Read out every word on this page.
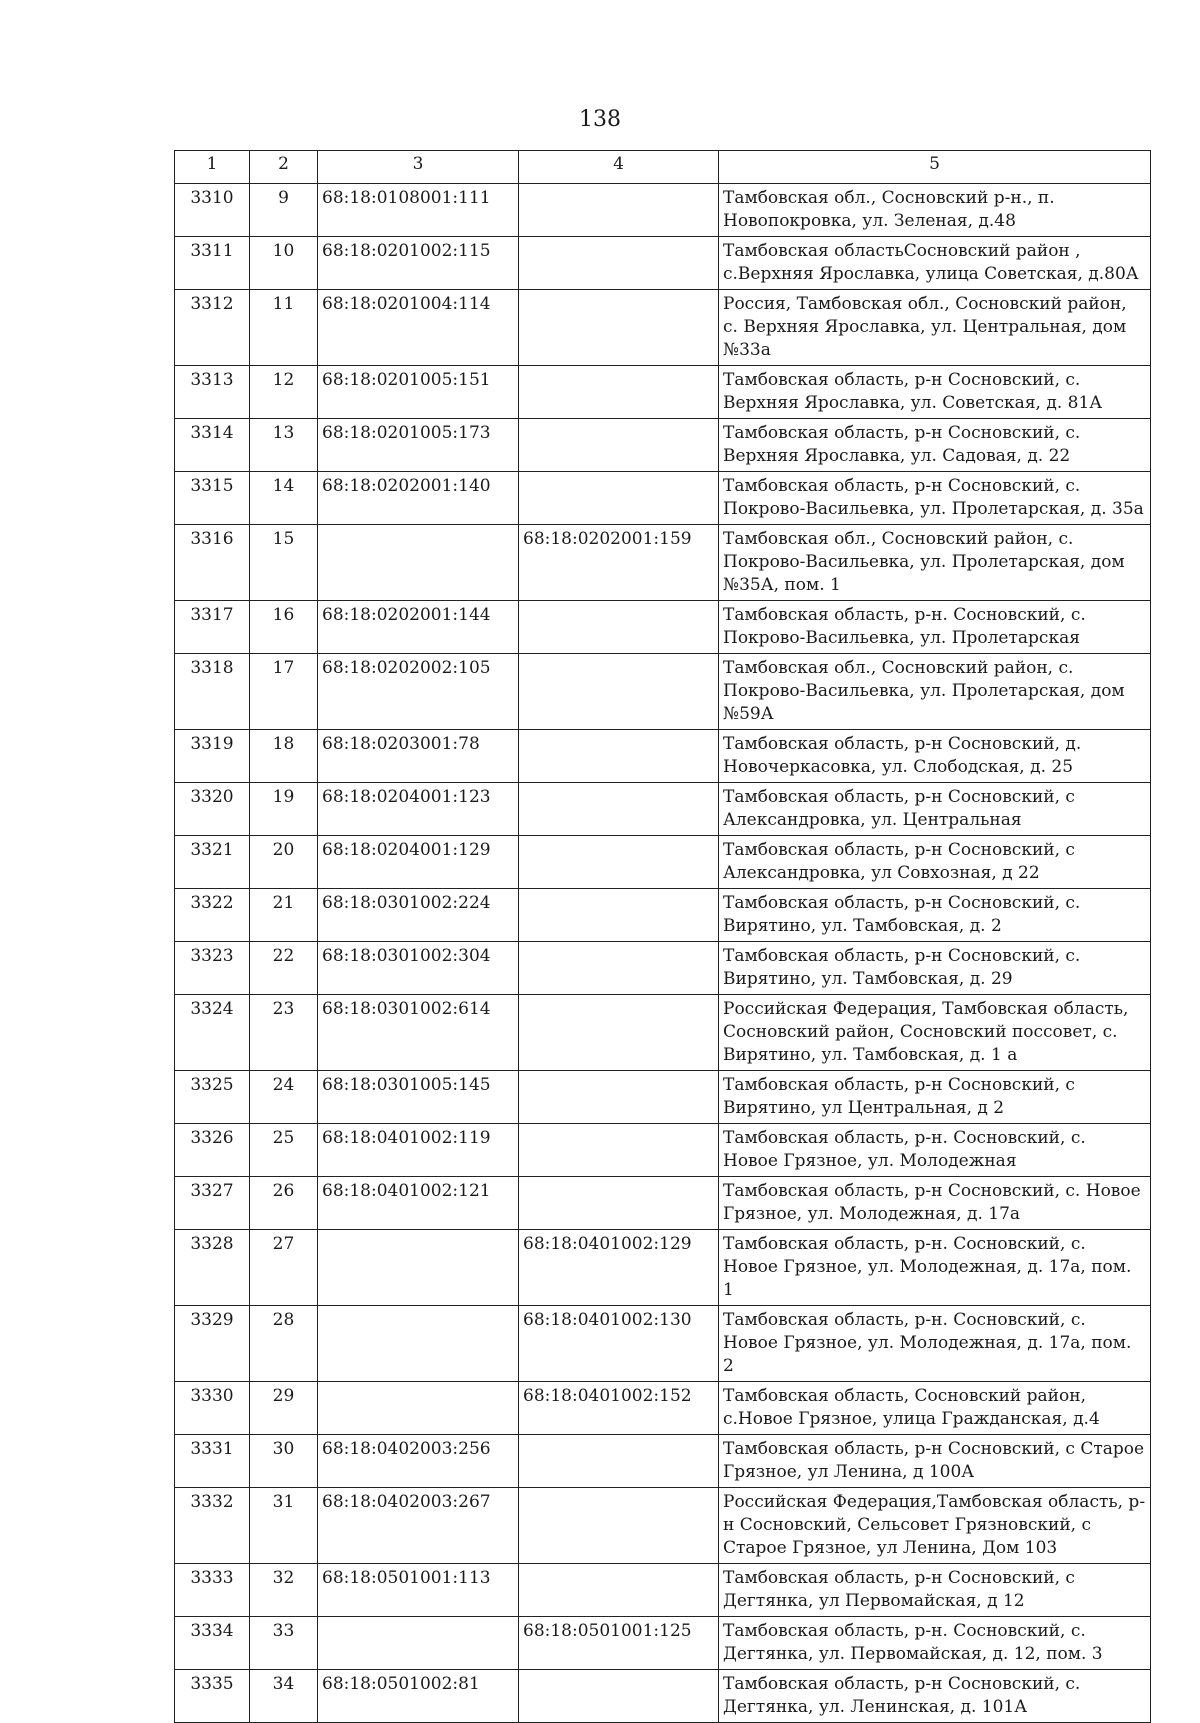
138
1	2	3	4	5
3310	9	68:18:0108001:111		Тамбовская обл., Сосновский р-н., п. Новопокровка, ул. Зеленая, д.48
3311	10	68:18:0201002:115		Тамбовская областьСосновский район , с.Верхняя Ярославка, улица Советская, д.80А
3312	11	68:18:0201004:114		Россия, Тамбовская обл., Сосновский район, с. Верхняя Ярославка, ул. Центральная, дом №33а
3313	12	68:18:0201005:151		Тамбовская область, р-н Сосновский, с. Верхняя Ярославка, ул. Советская, д. 81А
3314	13	68:18:0201005:173		Тамбовская область, р-н Сосновский, с. Верхняя Ярославка, ул. Садовая, д. 22
3315	14	68:18:0202001:140		Тамбовская область, р-н Сосновский, с. Покрово-Васильевка, ул. Пролетарская, д. 35а
3316	15		68:18:0202001:159	Тамбовская обл., Сосновский район, с. Покрово-Васильевка, ул. Пролетарская, дом №35А, пом. 1
3317	16	68:18:0202001:144		Тамбовская область, р-н. Сосновский, с. Покрово-Васильевка, ул. Пролетарская
3318	17	68:18:0202002:105		Тамбовская обл., Сосновский район, с. Покрово-Васильевка, ул. Пролетарская, дом №59А
3319	18	68:18:0203001:78		Тамбовская область, р-н Сосновский, д. Новочеркасовка, ул. Слободская, д. 25
3320	19	68:18:0204001:123		Тамбовская область, р-н Сосновский, с Александровка, ул. Центральная
3321	20	68:18:0204001:129		Тамбовская область, р-н Сосновский, с Александровка, ул Совхозная, д 22
3322	21	68:18:0301002:224		Тамбовская область, р-н Сосновский, с. Вирятино, ул. Тамбовская, д. 2
3323	22	68:18:0301002:304		Тамбовская область, р-н Сосновский, с. Вирятино, ул. Тамбовская, д. 29
3324	23	68:18:0301002:614		Российская Федерация, Тамбовская область, Сосновский район, Сосновский поссовет, с. Вирятино, ул. Тамбовская, д. 1 а
3325	24	68:18:0301005:145		Тамбовская область, р-н Сосновский, с Вирятино, ул Центральная, д 2
3326	25	68:18:0401002:119		Тамбовская область, р-н. Сосновский, с. Новое Грязное, ул. Молодежная
3327	26	68:18:0401002:121		Тамбовская область, р-н Сосновский, с. Новое Грязное, ул. Молодежная, д. 17а
3328	27		68:18:0401002:129	Тамбовская область, р-н. Сосновский, с. Новое Грязное, ул. Молодежная, д. 17а, пом. 1
3329	28		68:18:0401002:130	Тамбовская область, р-н. Сосновский, с. Новое Грязное, ул. Молодежная, д. 17а, пом. 2
3330	29		68:18:0401002:152	Тамбовская область, Сосновский район, с.Новое Грязное, улица Гражданская, д.4
3331	30	68:18:0402003:256		Тамбовская область, р-н Сосновский, с Старое Грязное, ул Ленина, д 100А
3332	31	68:18:0402003:267		Российская Федерация,Тамбовская область, р-н Сосновский, Сельсовет Грязновский, с Старое Грязное, ул Ленина, Дом 103
3333	32	68:18:0501001:113		Тамбовская область, р-н Сосновский, с Дегтянка, ул Первомайская, д 12
3334	33		68:18:0501001:125	Тамбовская область, р-н. Сосновский, с. Дегтянка, ул. Первомайская, д. 12, пом. 3
3335	34	68:18:0501002:81		Тамбовская область, р-н Сосновский, с. Дегтянка, ул. Ленинская, д. 101А
